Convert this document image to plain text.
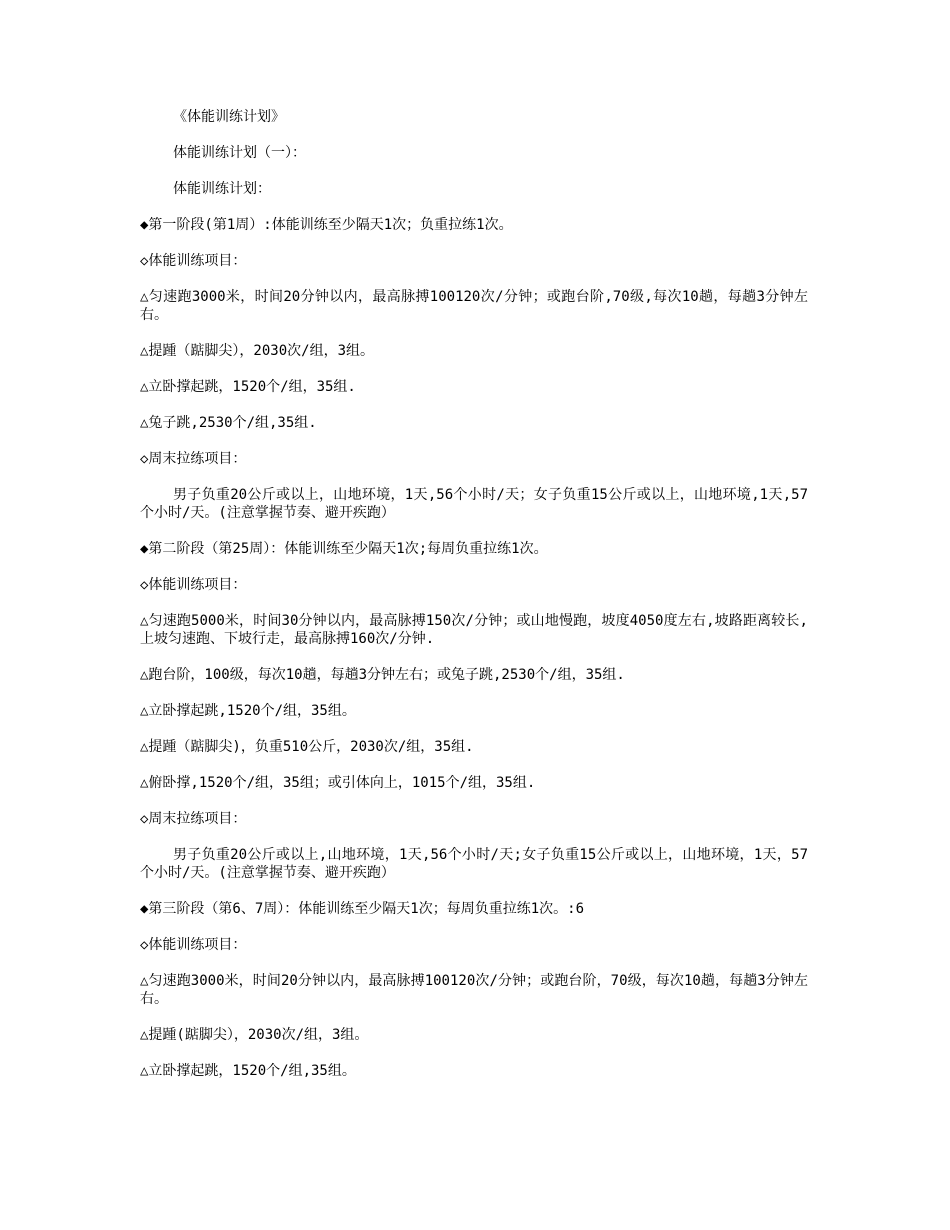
《体能训练计划》

体能训练计划（一）：

体能训练计划：

◆第一阶段(第1周）:体能训练至少隔天1次；负重拉练1次。

◇体能训练项目：

△匀速跑3000米，时间20分钟以内，最高脉搏100120次/分钟；或跑台阶,70级,每次10趟，每趟3分钟左右。

△提踵（踮脚尖），2030次/组，3组。

△立卧撑起跳，1520个/组，35组.

△兔子跳,2530个/组,35组.

◇周末拉练项目：

男子负重20公斤或以上，山地环境，1天,56个小时/天；女子负重15公斤或以上，山地环境,1天,57个小时/天。(注意掌握节奏、避开疾跑）

◆第二阶段（第25周）：体能训练至少隔天1次;每周负重拉练1次。

◇体能训练项目：

△匀速跑5000米，时间30分钟以内，最高脉搏150次/分钟；或山地慢跑，坡度4050度左右,坡路距离较长,上坡匀速跑、下坡行走，最高脉搏160次/分钟.

△跑台阶，100级，每次10趟，每趟3分钟左右；或兔子跳,2530个/组，35组.

△立卧撑起跳,1520个/组，35组。

△提踵（踮脚尖)，负重510公斤，2030次/组，35组.

△俯卧撑,1520个/组，35组；或引体向上，1015个/组，35组.

◇周末拉练项目：

男子负重20公斤或以上,山地环境，1天,56个小时/天;女子负重15公斤或以上，山地环境，1天，57个小时/天。(注意掌握节奏、避开疾跑）

◆第三阶段（第6、7周）：体能训练至少隔天1次；每周负重拉练1次。:6

◇体能训练项目：

△匀速跑3000米，时间20分钟以内，最高脉搏100120次/分钟；或跑台阶，70级，每次10趟，每趟3分钟左右。

△提踵(踮脚尖），2030次/组，3组。

△立卧撑起跳，1520个/组,35组。
